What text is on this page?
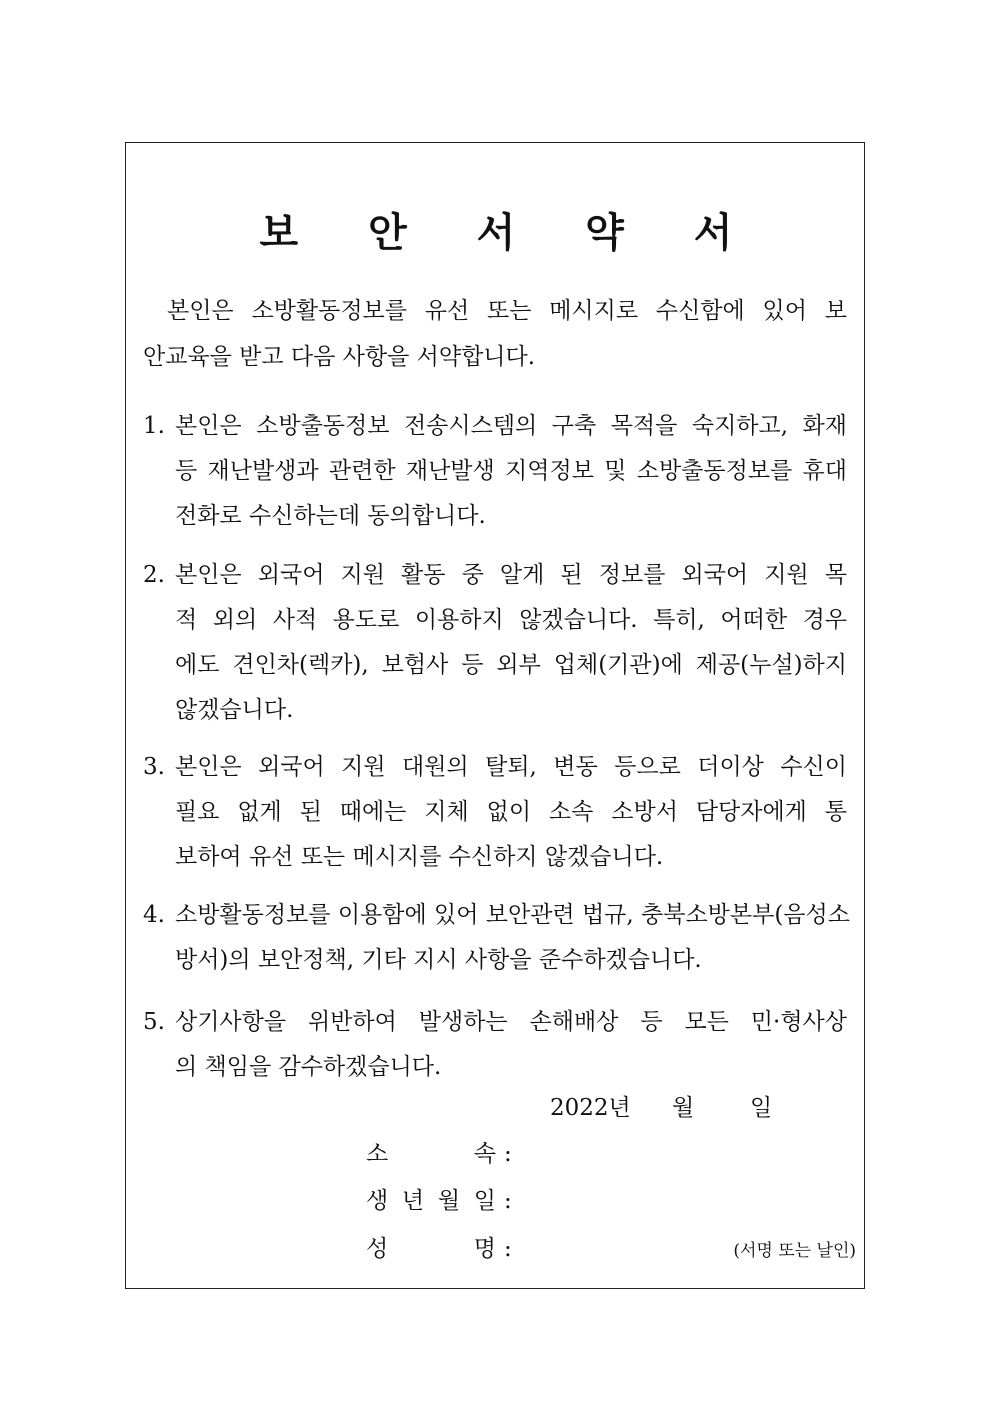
보 안 서 약 서
본인은 소방활동정보를 유선 또는 메시지로 수신함에 있어 보
안교육을 받고 다음 사항을 서약합니다.
1. 본인은 소방출동정보 전송시스템의 구축 목적을 숙지하고, 화재
등 재난발생과 관련한 재난발생 지역정보 및 소방출동정보를 휴대
전화로 수신하는데 동의합니다.
2. 본인은 외국어 지원 활동 중 알게 된 정보를 외국어 지원 목
적 외의 사적 용도로 이용하지 않겠습니다. 특히, 어떠한 경우
에도 견인차(렉카), 보험사 등 외부 업체(기관)에 제공(누설)하지
않겠습니다.
3. 본인은 외국어 지원 대원의 탈퇴, 변동 등으로 더이상 수신이
필요 없게 된 때에는 지체 없이 소속 소방서 담당자에게 통
보하여 유선 또는 메시지를 수신하지 않겠습니다.
4. 소방활동정보를 이용함에 있어 보안관련 법규, 충북소방본부(음성소
방서)의 보안정책, 기타 지시 사항을 준수하겠습니다.
5. 상기사항을 위반하여 발생하는 손해배상 등 모든 민·형사상
의 책임을 감수하겠습니다.
2022년 월 일
소 속 :
생 년 월 일 :
성 명 :	(서명 또는 날인)
